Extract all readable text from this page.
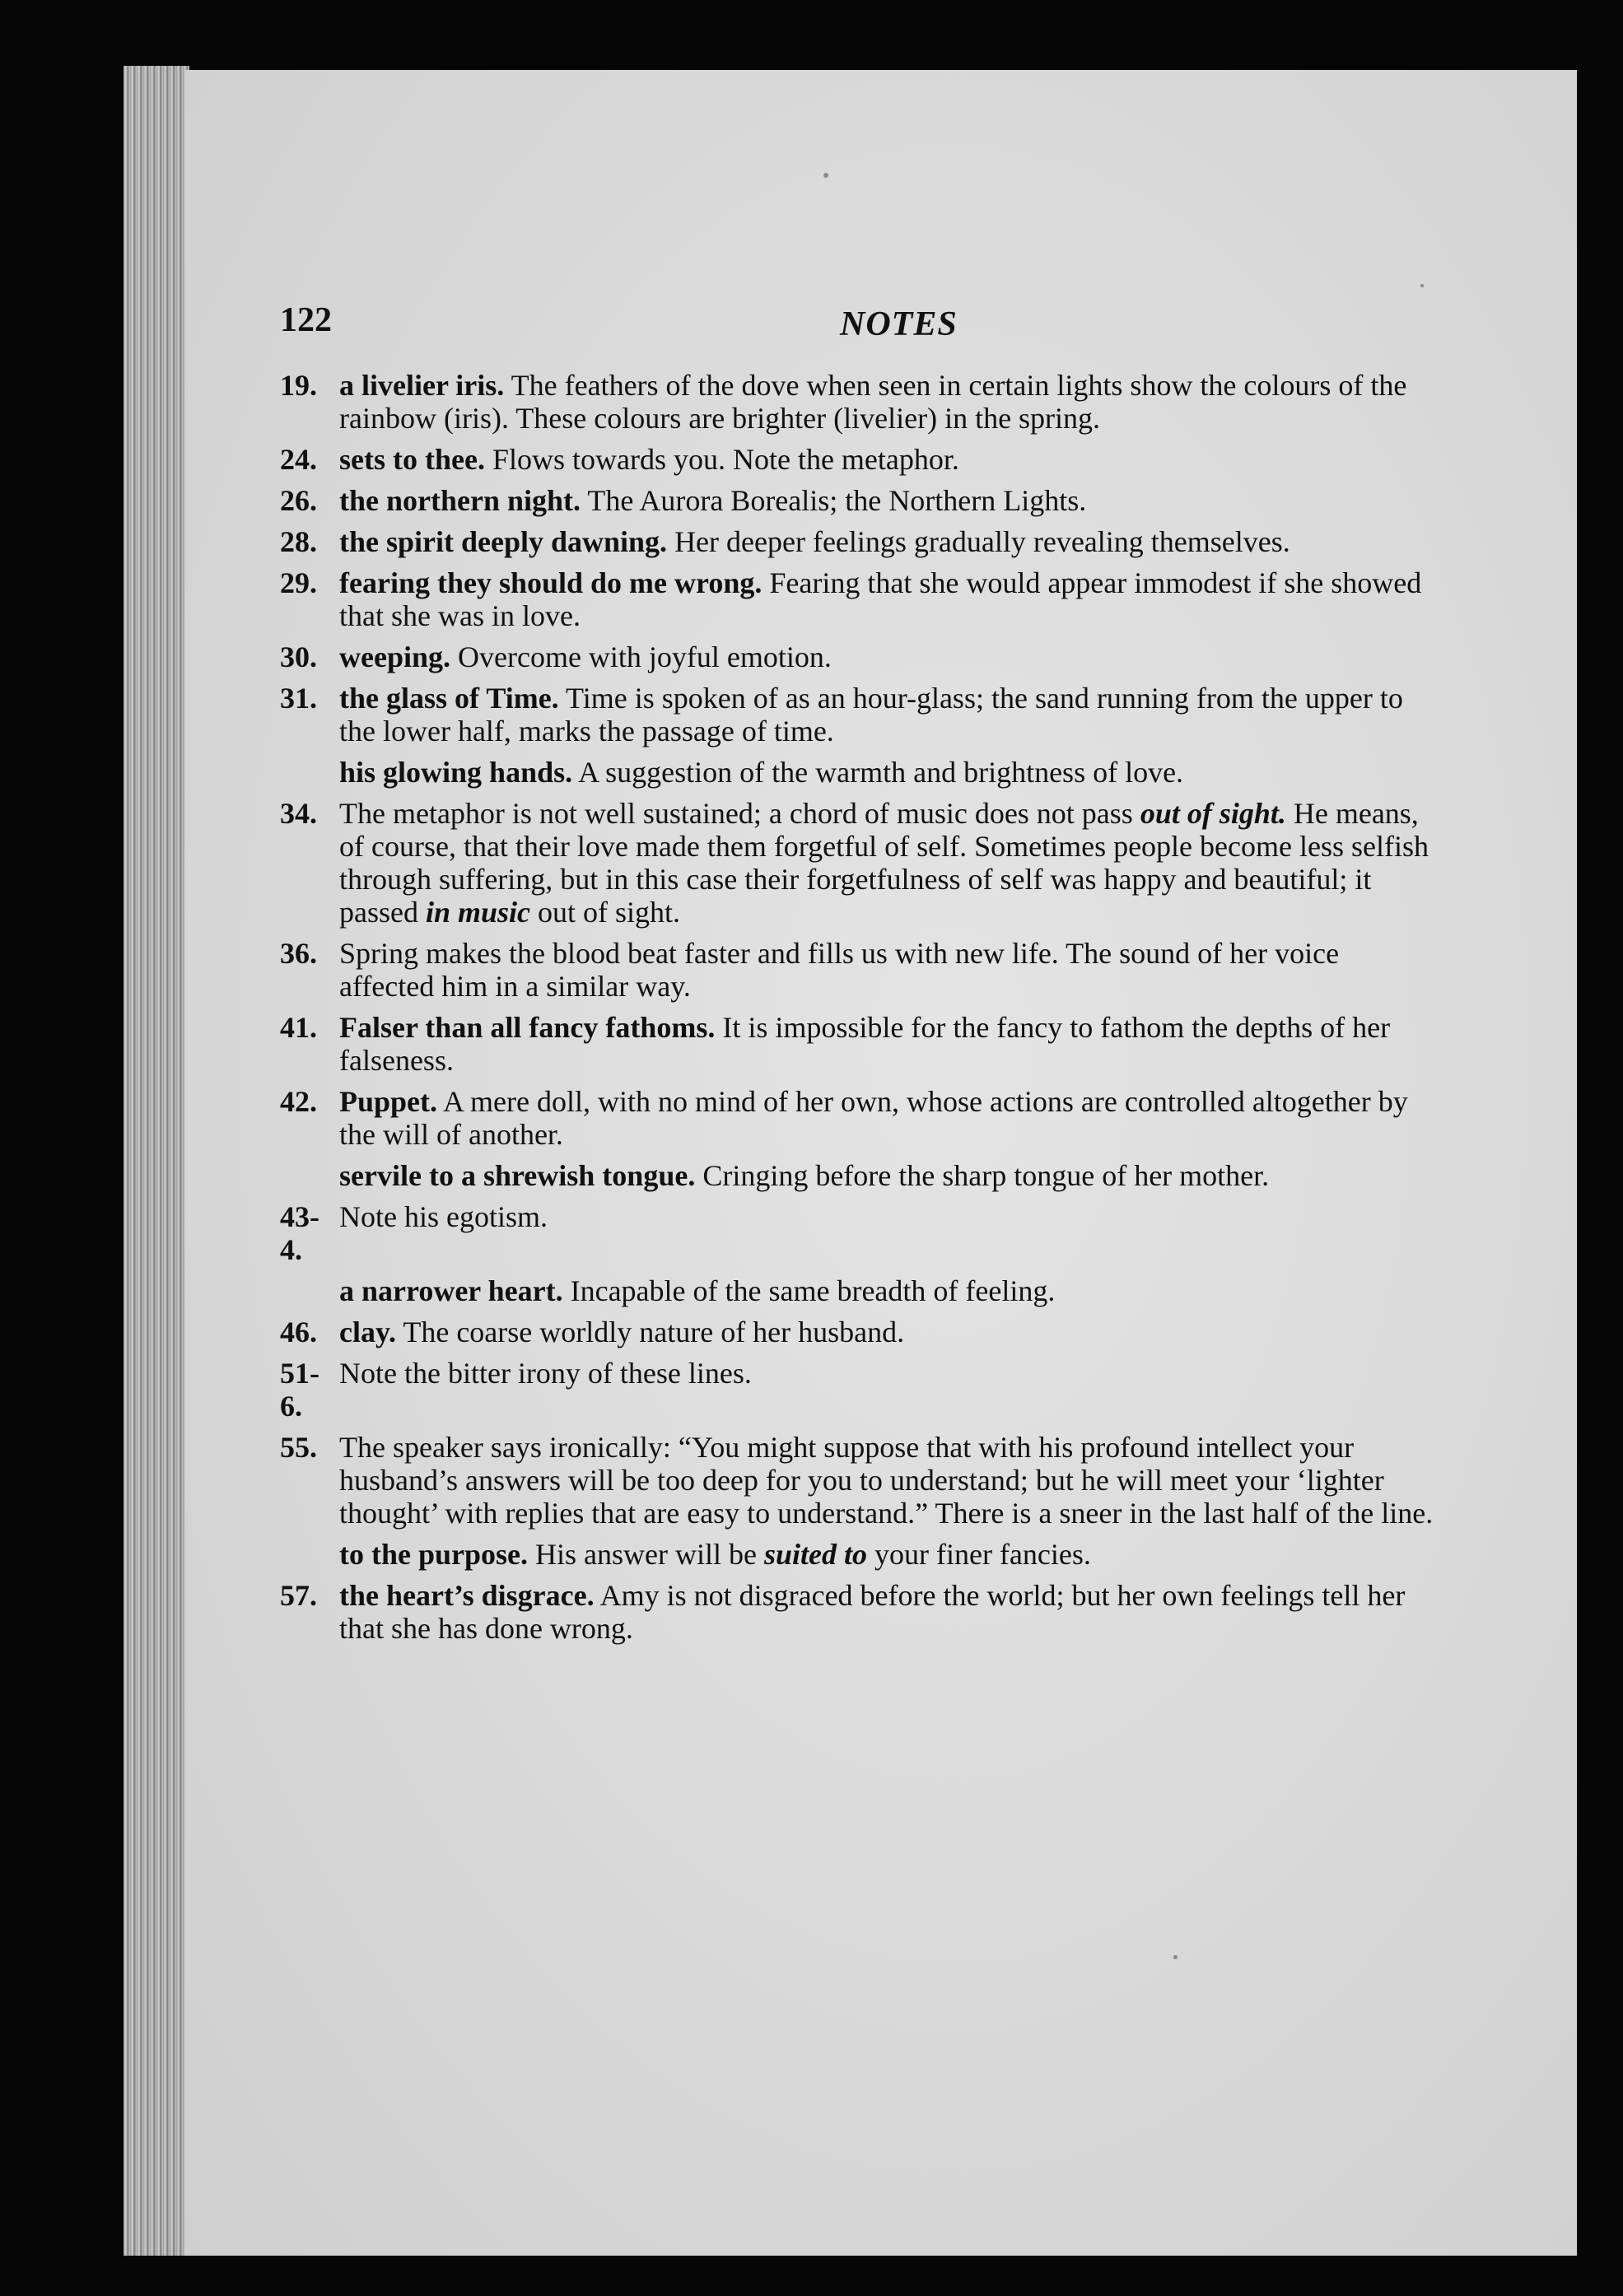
122	NOTES
19. a livelier iris. The feathers of the dove when seen in certain lights show the colours of the rainbow (iris). These colours are brighter (livelier) in the spring.
24. sets to thee. Flows towards you. Note the metaphor.
26. the northern night. The Aurora Borealis; the Northern Lights.
28. the spirit deeply dawning. Her deeper feelings gradually revealing themselves.
29. fearing they should do me wrong. Fearing that she would appear immodest if she showed that she was in love.
30. weeping. Overcome with joyful emotion.
31. the glass of Time. Time is spoken of as an hour-glass; the sand running from the upper to the lower half, marks the passage of time.
his glowing hands. A suggestion of the warmth and brightness of love.
34. The metaphor is not well sustained; a chord of music does not pass out of sight. He means, of course, that their love made them forgetful of self. Sometimes people become less selfish through suffering, but in this case their forgetfulness of self was happy and beautiful; it passed in music out of sight.
36. Spring makes the blood beat faster and fills us with new life. The sound of her voice affected him in a similar way.
41. Falser than all fancy fathoms. It is impossible for the fancy to fathom the depths of her falseness.
42. Puppet. A mere doll, with no mind of her own, whose actions are controlled altogether by the will of another.
servile to a shrewish tongue. Cringing before the sharp tongue of her mother.
43-4.
Note his egotism.
a narrower heart. Incapable of the same breadth of feeling.
46. clay. The coarse worldly nature of her husband.
51-6.
Note the bitter irony of these lines.
55. The speaker says ironically: “You might suppose that with his profound intellect your husband’s answers will be too deep for you to understand; but he will meet your ‘lighter thought’ with replies that are easy to understand.” There is a sneer in the last half of the line.
to the purpose. His answer will be suited to your finer fancies.
57. the heart’s disgrace. Amy is not disgraced before the world; but her own feelings tell her that she has done wrong.
